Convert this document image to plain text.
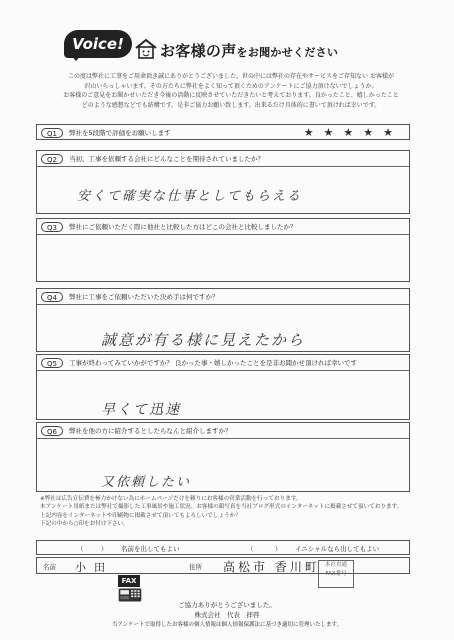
Voice!	お客様の声をお聞かせください
この度は弊社に工事をご用命頂き誠にありがとうございました。世の中には弊社の存在やサービスをご存知ない お客様が
沢山いらっしゃいます。その方たちに弊社をよく知って頂くためのアンケートにご協力頂けないでしょうか。
お客様のご意見をお聞かせいただき今後の活動に反映させていただきたいと考えております。良かったこと、嬉しかったこと
どのような感想などでも結構です。是非ご協力お願い致します。出来るだけ具体的に書いて頂ければ幸いです。
Q1	弊社を5段階で評価をお願いします	★★★★★
Q2	当初、工事を依頼する会社にどんなことを期待されていましたか？
安くて確実な仕事としてもらえる
Q3	弊社にご依頼いただく際に他社と比較した方はどこの会社と比較しましたか？
Q4	弊社に工事をご依頼いただいた決め手は何ですか？
誠意が有る様に見えたから
Q5	工事が終わってみていかがですか？ 良かった事・嬉しかったことを是非お聞かせ頂ければ幸いです
早くて迅速
Q6	弊社を他の方に紹介するとしたらなんと紹介しますか？
又依頼したい
※弊社は広告宣伝費を極力かけない為にホームページだけを頼りにお客様の営業活動を行っております。
本アンケート用紙または弊社で撮影した工事風景や施工状況、お客様の顔写真を当社ブログ形式のインターネットに掲載させて頂いております。
上記内容をインターネットや印刷物に掲載させて頂いてもよろしいでしょうか？
下記の中から○印をお付け下さい。
（	） 名前を出してもよい	（	） イニシャルなら出してもよい
名前 小田	住所 高松市 香川町 本社直通
FAX番号
FAX
ご協力ありがとうございました。
株式会社　代表　拝啓
当アンケートで取得したお客様の個人情報は個人情報保護法に基づき適切に管理いたします。
